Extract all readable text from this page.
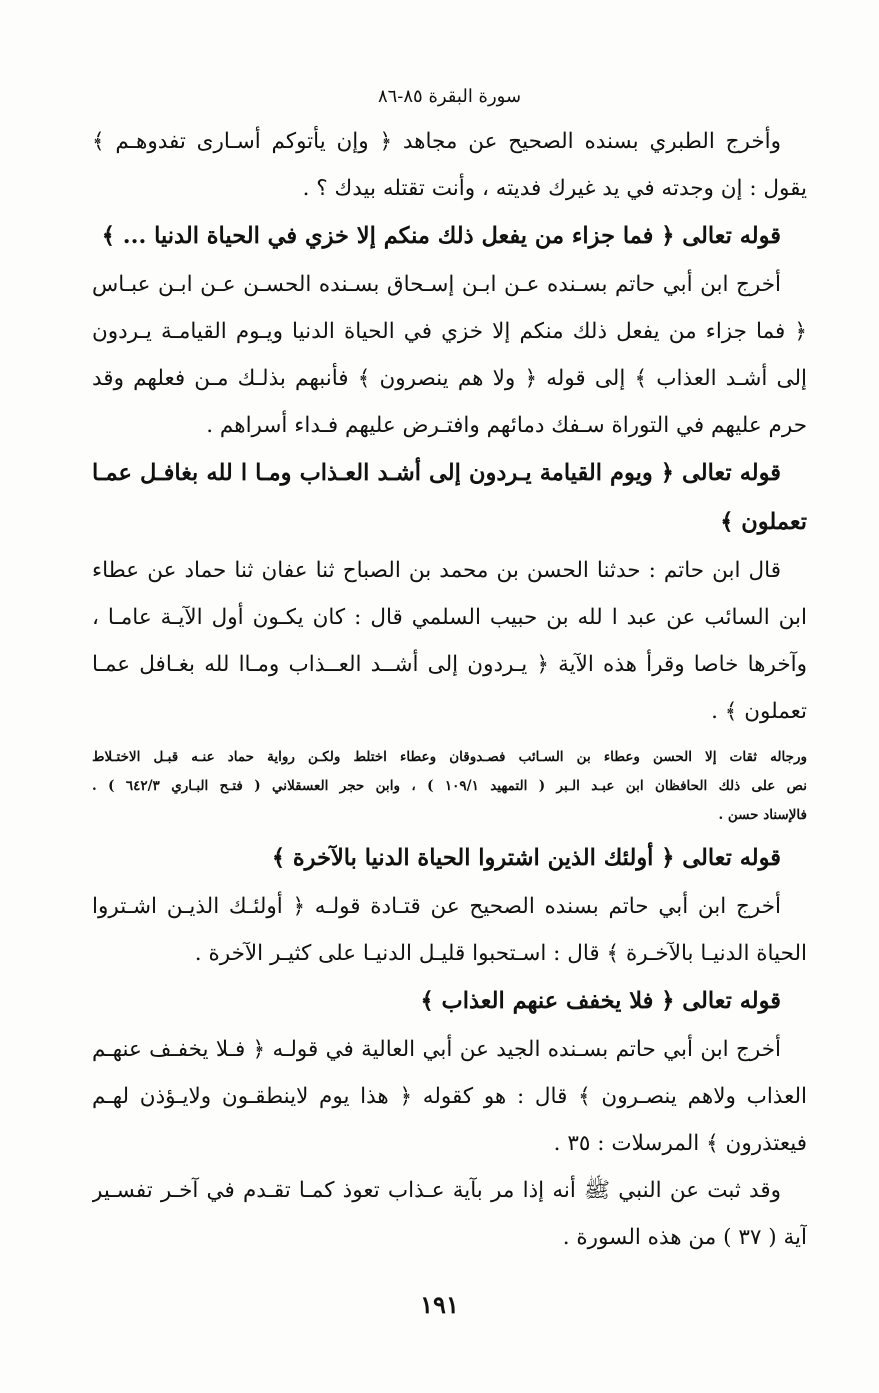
سورة البقرة ٨٥-٨٦
وأخرج الطبري بسنده الصحيح عن مجاهد ﴿ وإن يأتوكم أسـارى تفدوهـم ﴾
يقول : إن وجدته في يد غيرك فديته ، وأنت تقتله بيدك ؟ .
قوله تعالى ﴿ فما جزاء من يفعل ذلك منكم إلا خزي في الحياة الدنيا ... ﴾
أخرج ابن أبي حاتم بسـنده عـن ابـن إسـحاق بسـنده الحسـن عـن ابـن عبـاس
﴿ فما جزاء من يفعل ذلك منكم إلا خزي في الحياة الدنيا ويـوم القيامـة يـردون
إلى أشـد العذاب ﴾ إلى قوله ﴿ ولا هم ينصرون ﴾ فأنبهم بذلـك مـن فعلهم وقد
حرم عليهم في التوراة سـفك دمائهم وافتـرض عليهم فـداء أسراهم .
قوله تعالى ﴿ ويوم القيامة يـردون إلى أشـد العـذاب ومـا ا لله بغافـل عمـا
تعملون ﴾
قال ابن حاتم : حدثنا الحسن بن محمد بن الصباح ثنا عفان ثنا حماد عن عطاء
ابن السائب عن عبد ا لله بن حبيب السلمي قال : كان يكـون أول الآيـة عامـا ،
وآخرها خاصا وقرأ هذه الآية ﴿ يـردون إلى أشــد العــذاب ومـاا لله بغـافل عمـا
تعملون ﴾ .
ورجاله ثقات إلا الحسن وعطاء بن السـائب فصـدوقان وعطاء اختلط ولكـن رواية حماد عنـه قبـل الاختـلاط
نص على ذلك الحافظان ابن عبـد الـبر ( التمهيد ١٠٩/١ ) ، وابن حجر العسقلاني ( فتـح البـاري ٦٤٢/٣ ) .
فالإسناد حسن .
قوله تعالى ﴿ أولئك الذين اشتروا الحياة الدنيا بالآخرة ﴾
أخرج ابن أبي حاتم بسنده الصحيح عن قتـادة قولـه ﴿ أولئـك الذيـن اشـتروا
الحياة الدنيـا بالآخـرة ﴾ قال : اسـتحبوا قليـل الدنيـا على كثيـر الآخرة .
قوله تعالى ﴿ فلا يخفف عنهم العذاب ﴾
أخرج ابن أبي حاتم بسـنده الجيد عن أبي العالية في قولـه ﴿ فـلا يخفـف عنهـم
العذاب ولاهم ينصـرون ﴾ قال : هو كقوله ﴿ هذا يوم لاينطقـون ولايـؤذن لهـم
فيعتذرون ﴾ المرسلات : ٣٥ .
وقد ثبت عن النبي ﷺ أنه إذا مر بآية عـذاب تعوذ كمـا تقـدم في آخـر تفسـير
آية ( ٣٧ ) من هذه السورة .
١٩١
